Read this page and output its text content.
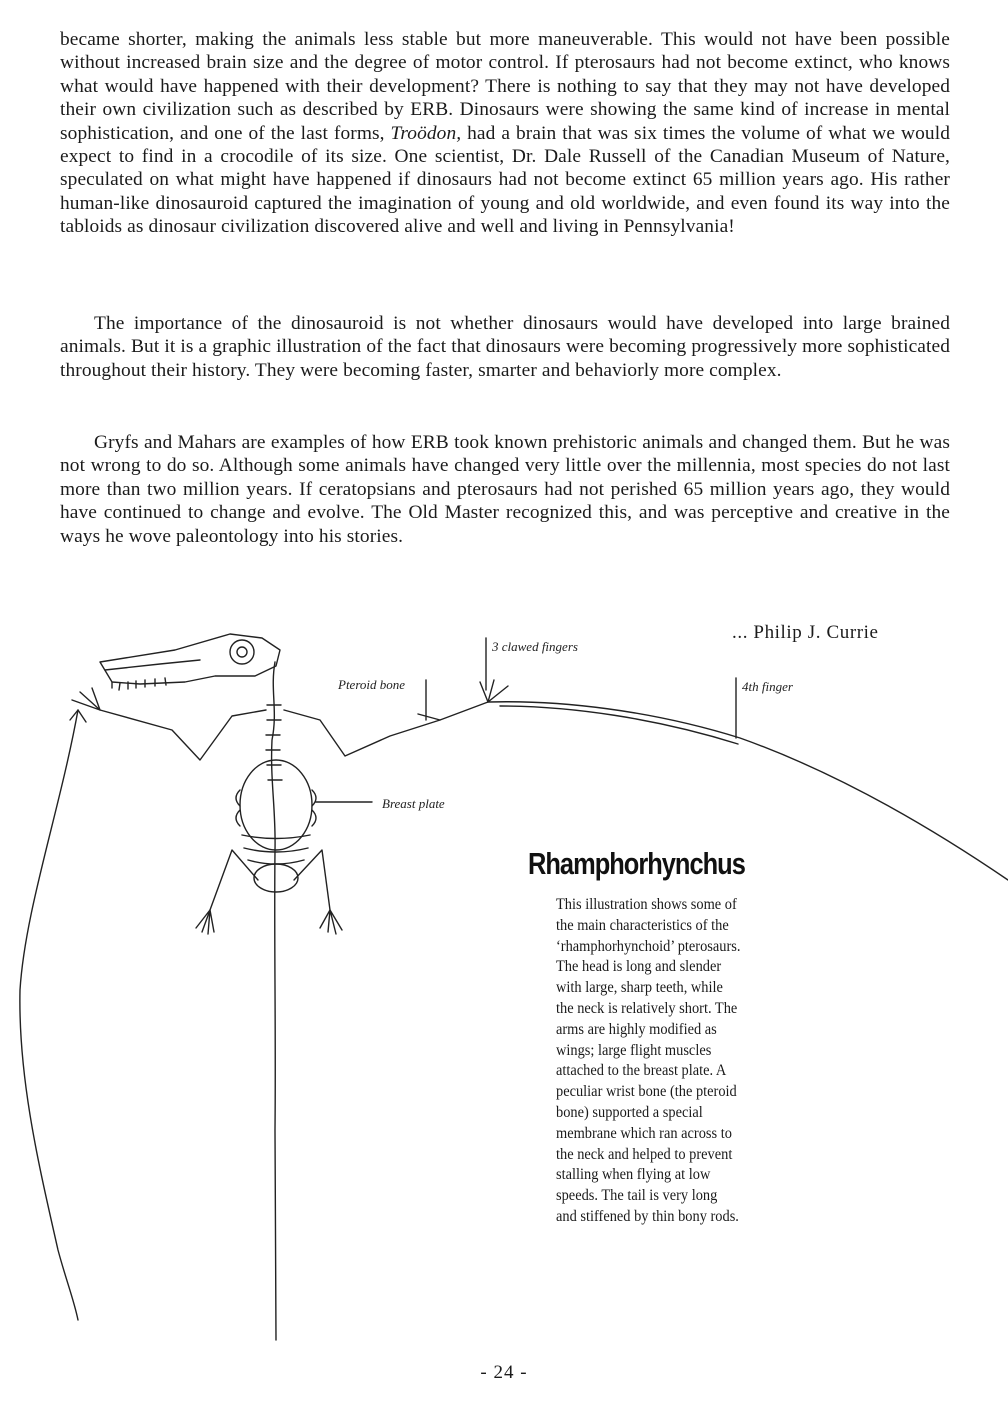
became shorter, making the animals less stable but more maneuverable. This would not have been possible without increased brain size and the degree of motor control. If pterosaurs had not become extinct, who knows what would have happened with their development? There is nothing to say that they may not have developed their own civilization such as described by ERB. Dinosaurs were showing the same kind of increase in mental sophistication, and one of the last forms, Troödon, had a brain that was six times the volume of what we would expect to find in a crocodile of its size. One scientist, Dr. Dale Russell of the Canadian Museum of Nature, speculated on what might have happened if dinosaurs had not become extinct 65 million years ago. His rather human-like dinosauroid captured the imagination of young and old worldwide, and even found its way into the tabloids as dinosaur civilization discovered alive and well and living in Pennsylvania!

The importance of the dinosauroid is not whether dinosaurs would have developed into large brained animals. But it is a graphic illustration of the fact that dinosaurs were becoming progressively more sophisticated throughout their history. They were becoming faster, smarter and behaviorly more complex.

Gryfs and Mahars are examples of how ERB took known prehistoric animals and changed them. But he was not wrong to do so. Although some animals have changed very little over the millennia, most species do not last more than two million years. If ceratopsians and pterosaurs had not perished 65 million years ago, they would have continued to change and evolve. The Old Master recognized this, and was perceptive and creative in the ways he wove paleontology into his stories.

... Philip J. Currie

3 clawed fingers

Pteroid bone	4th finger

Breast plate

Rhamphorhynchus

This illustration shows some of the main characteristics of the ‘rhamphorhynchoid’ pterosaurs. The head is long and slender with large, sharp teeth, while the neck is relatively short. The arms are highly modified as wings; large flight muscles attached to the breast plate. A peculiar wrist bone (the pteroid bone) supported a special membrane which ran across to the neck and helped to prevent stalling when flying at low speeds. The tail is very long and stiffened by thin bony rods.

- 24 -
